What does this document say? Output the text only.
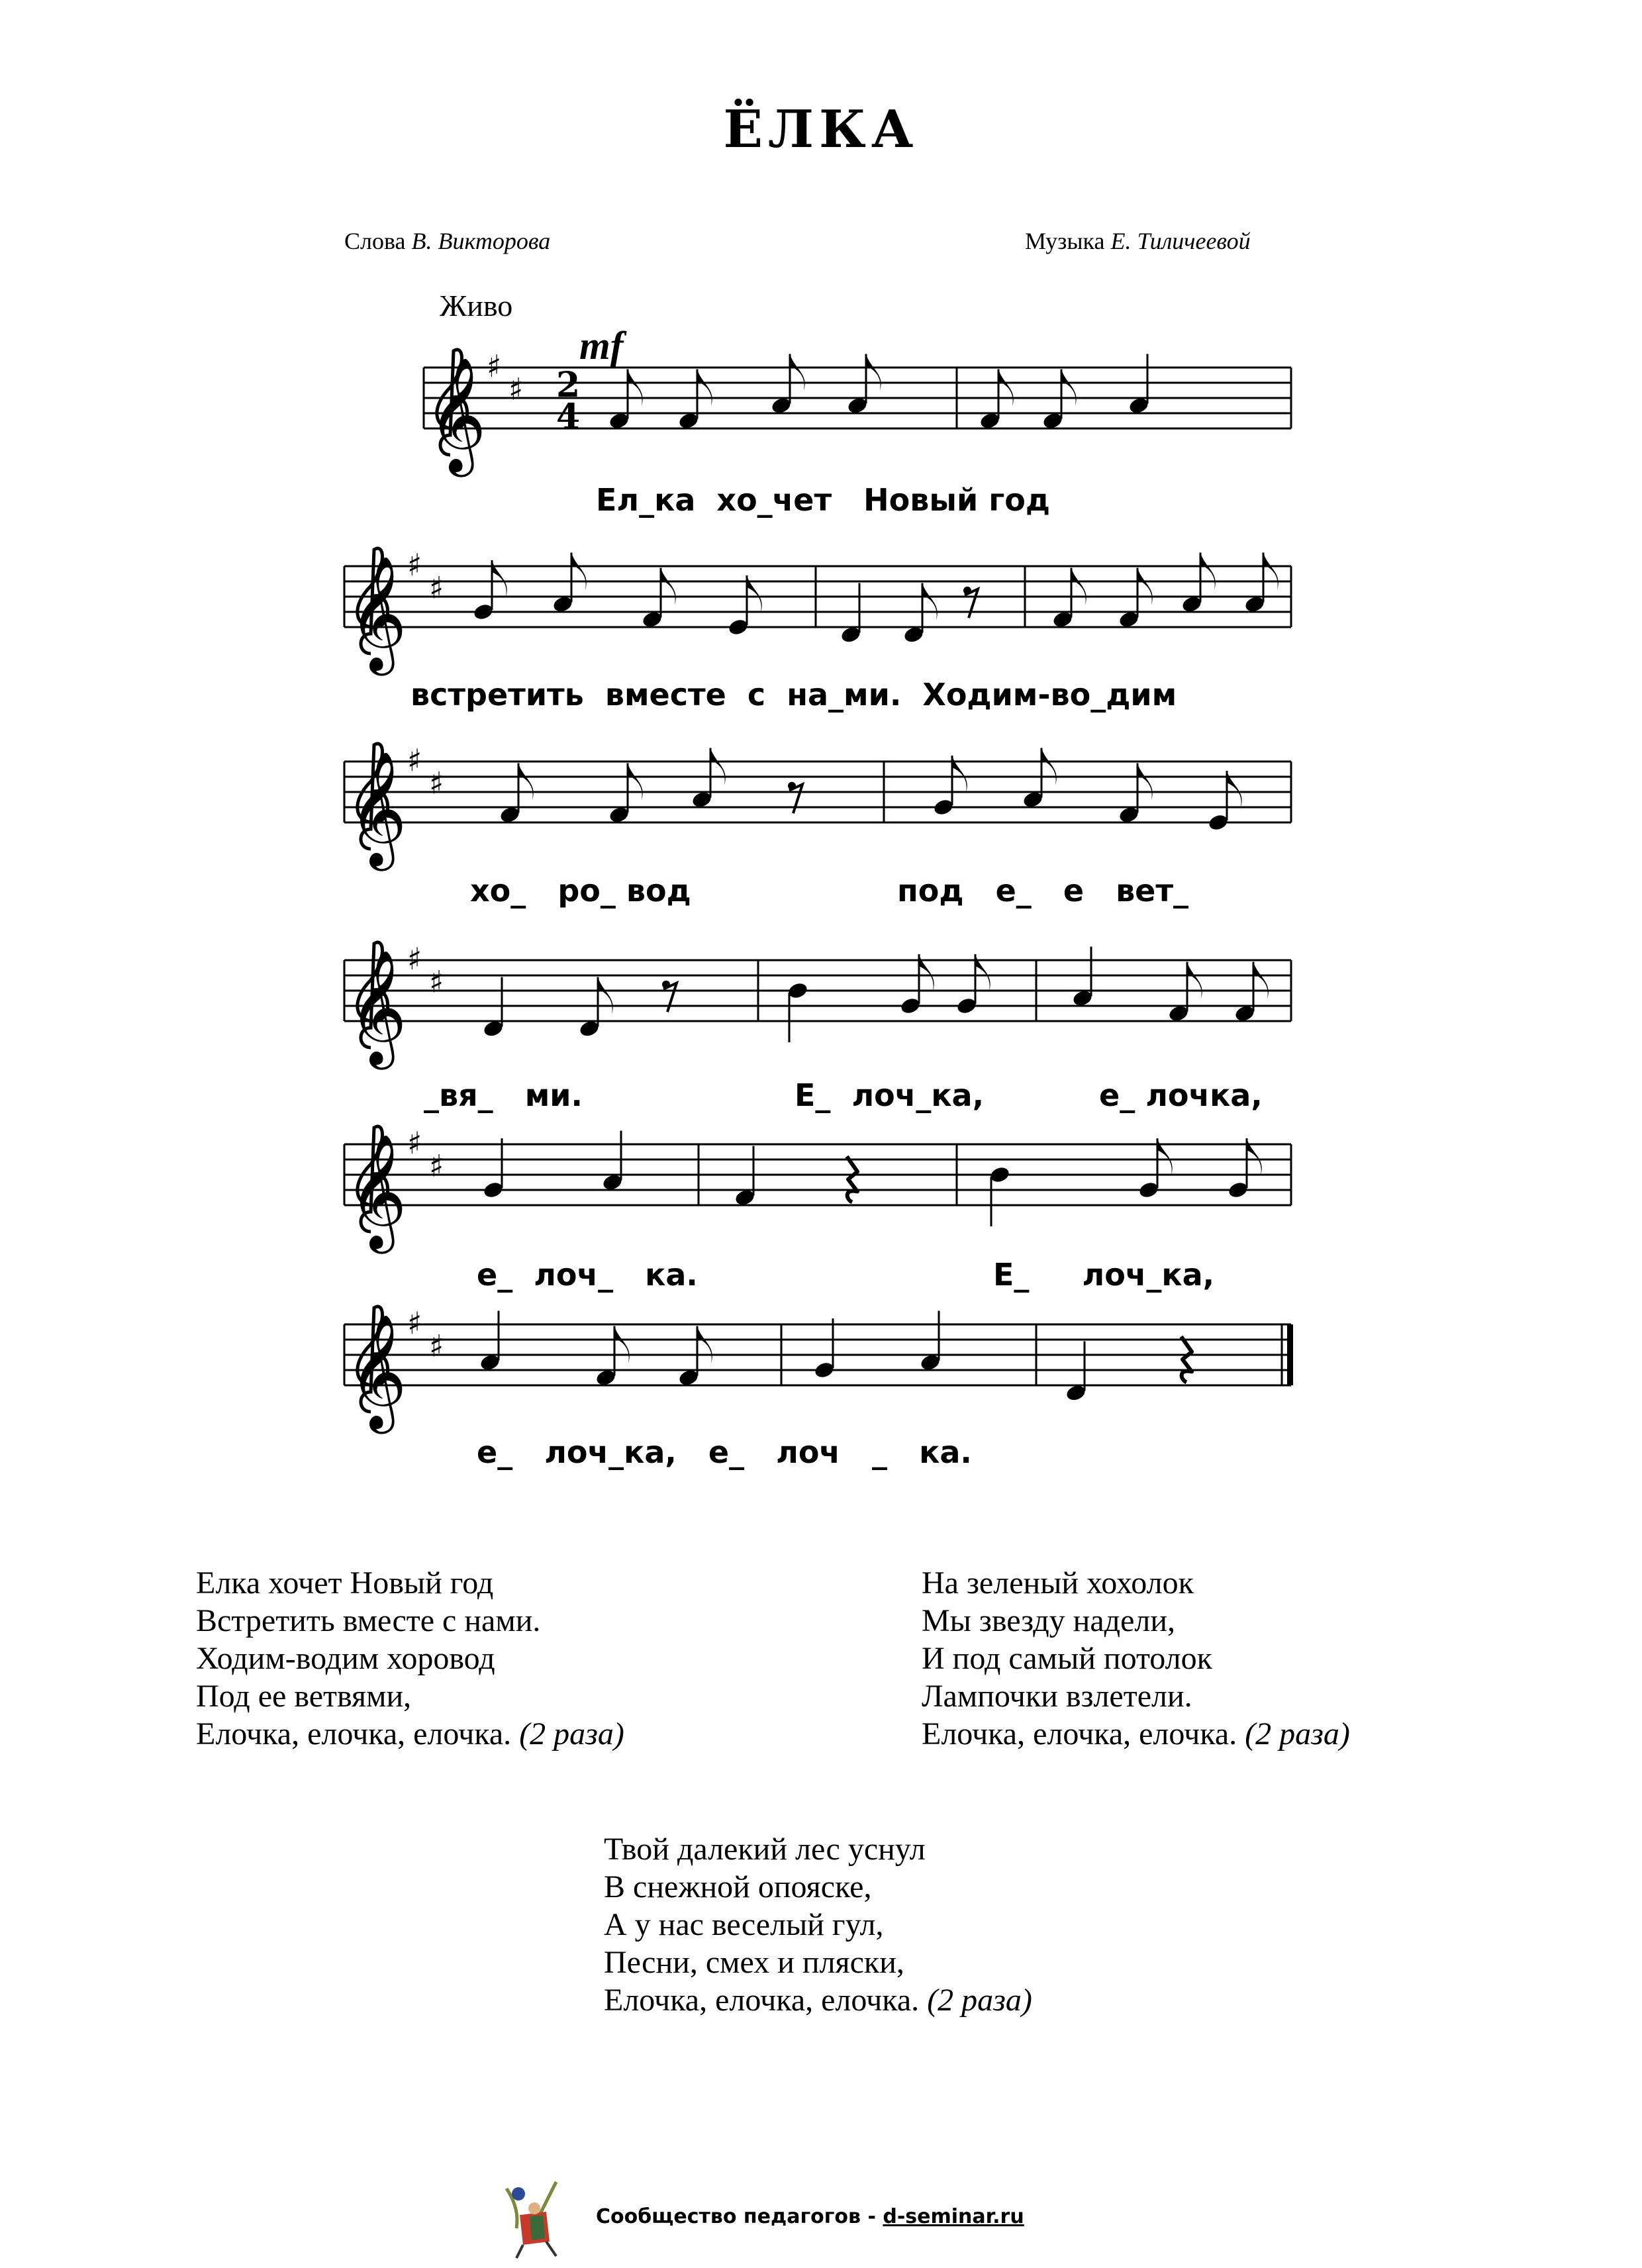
ЁЛКА
Слова В. Викторова	Музыка Е. Тиличеевой
Живо
mf
𝄞 ♯
♯ 2
4
𝄞 ♯
♯
𝄞 ♯
♯
𝄞 ♯
♯
𝄞 ♯
♯
𝄞 ♯
♯
Ел_ка  хо_чет   Новый год
встретить  вместе  с  на_ми.  Ходим-во_дим
хо_   ро_ вод	под   е_   е   вет_
_вя_   ми.	Е_  лоч_ка,	е_ лочка,
е_  лоч_   ка.	Е_     лоч_ка,
е_   лоч_ка,   е_   лоч   _   ка.
Елка хочет Новый год
Встретить вместе с нами.
Ходим-водим хоровод
Под ее ветвями,
Елочка, елочка, елочка. (2 раза)
На зеленый хохолок
Мы звезду надели,
И под самый потолок
Лампочки взлетели.
Елочка, елочка, елочка. (2 раза)
Твой далекий лес уснул
В снежной опояске,
А у нас веселый гул,
Песни, смех и пляски,
Елочка, елочка, елочка. (2 раза)
Сообщество педагогов - d-seminar.ru
